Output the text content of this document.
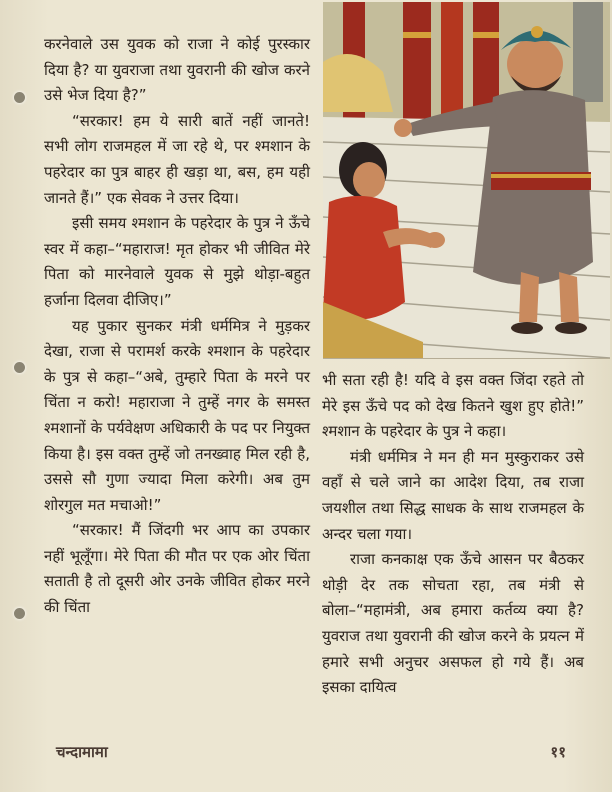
करनेवाले उस युवक को राजा ने कोई पुरस्कार दिया है? या युवराजा तथा युवरानी की खोज करने उसे भेज दिया है?”

“सरकार! हम ये सारी बातें नहीं जानते! सभी लोग राजमहल में जा रहे थे, पर श्मशान के पहरेदार का पुत्र बाहर ही खड़ा था, बस, हम यही जानते हैं।” एक सेवक ने उत्तर दिया।

इसी समय श्मशान के पहरेदार के पुत्र ने ऊँचे स्वर में कहा–“महाराज! मृत होकर भी जीवित मेरे पिता को मारनेवाले युवक से मुझे थोड़ा-बहुत हर्जाना दिलवा दीजिए।”

यह पुकार सुनकर मंत्री धर्ममित्र ने मुड़कर देखा, राजा से परामर्श करके श्मशान के पहरेदार के पुत्र से कहा–“अबे, तुम्हारे पिता के मरने पर चिंता न करो! महाराजा ने तुम्हें नगर के समस्त श्मशानों के पर्यवेक्षण अधिकारी के पद पर नियुक्त किया है। इस वक्त तुम्हें जो तनख्वाह मिल रही है, उससे सौ गुणा ज्यादा मिला करेगी। अब तुम शोरगुल मत मचाओ!”

“सरकार! मैं जिंदगी भर आप का उपकार नहीं भूलूँगा। मेरे पिता की मौत पर एक ओर चिंता सताती है तो दूसरी ओर उनके जीवित होकर मरने की चिंता

भी सता रही है! यदि वे इस वक्त जिंदा रहते तो मेरे इस ऊँचे पद को देख कितने खुश हुए होते!” श्मशान के पहरेदार के पुत्र ने कहा।

मंत्री धर्ममित्र ने मन ही मन मुस्कुराकर उसे वहाँ से चले जाने का आदेश दिया, तब राजा जयशील तथा सिद्ध साधक के साथ राजमहल के अन्दर चला गया।

राजा कनकाक्ष एक ऊँचे आसन पर बैठकर थोड़ी देर तक सोचता रहा, तब मंत्री से बोला–“महामंत्री, अब हमारा कर्तव्य क्या है? युवराज तथा युवरानी की खोज करने के प्रयत्न में हमारे सभी अनुचर असफल हो गये हैं। अब इसका दायित्व

चन्दामामा	११
